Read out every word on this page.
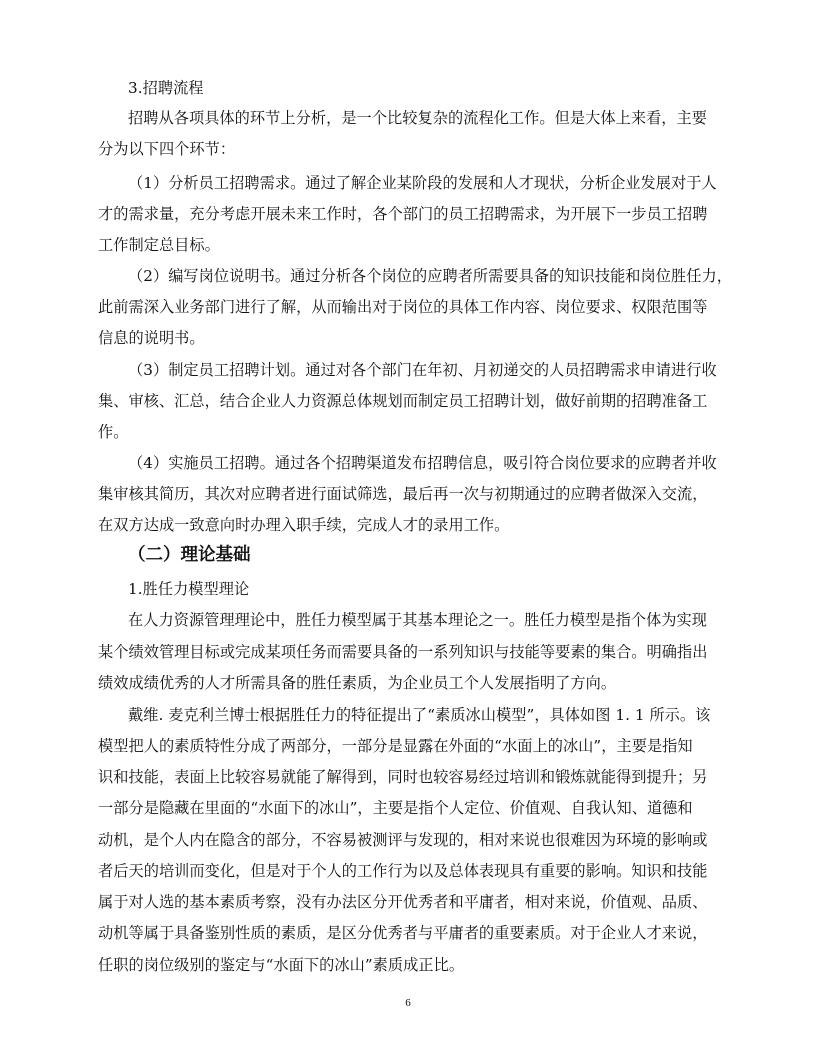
3.招聘流程
招聘从各项具体的环节上分析，是一个比较复杂的流程化工作。但是大体上来看，主要
分为以下四个环节：
（1）分析员工招聘需求。通过了解企业某阶段的发展和人才现状，分析企业发展对于人
才的需求量，充分考虑开展未来工作时，各个部门的员工招聘需求，为开展下一步员工招聘
工作制定总目标。
（2）编写岗位说明书。通过分析各个岗位的应聘者所需要具备的知识技能和岗位胜任力，
此前需深入业务部门进行了解，从而输出对于岗位的具体工作内容、岗位要求、权限范围等
信息的说明书。
（3）制定员工招聘计划。通过对各个部门在年初、月初递交的人员招聘需求申请进行收
集、审核、汇总，结合企业人力资源总体规划而制定员工招聘计划，做好前期的招聘准备工
作。
（4）实施员工招聘。通过各个招聘渠道发布招聘信息，吸引符合岗位要求的应聘者并收
集审核其简历，其次对应聘者进行面试筛选，最后再一次与初期通过的应聘者做深入交流，
在双方达成一致意向时办理入职手续，完成人才的录用工作。
（二）理论基础
1.胜任力模型理论
在人力资源管理理论中，胜任力模型属于其基本理论之一。胜任力模型是指个体为实现
某个绩效管理目标或完成某项任务而需要具备的一系列知识与技能等要素的集合。明确指出
绩效成绩优秀的人才所需具备的胜任素质，为企业员工个人发展指明了方向。
戴维. 麦克利兰博士根据胜任力的特征提出了“素质冰山模型”，具体如图 1. 1 所示。该
模型把人的素质特性分成了两部分，一部分是显露在外面的“水面上的冰山”，主要是指知
识和技能，表面上比较容易就能了解得到，同时也较容易经过培训和锻炼就能得到提升；另
一部分是隐藏在里面的“水面下的冰山”，主要是指个人定位、价值观、自我认知、道德和
动机，是个人内在隐含的部分，不容易被测评与发现的，相对来说也很难因为环境的影响或
者后天的培训而变化，但是对于个人的工作行为以及总体表现具有重要的影响。知识和技能
属于对人选的基本素质考察，没有办法区分开优秀者和平庸者，相对来说，价值观、品质、
动机等属于具备鉴别性质的素质，是区分优秀者与平庸者的重要素质。对于企业人才来说，
任职的岗位级别的鉴定与“水面下的冰山”素质成正比。
6
